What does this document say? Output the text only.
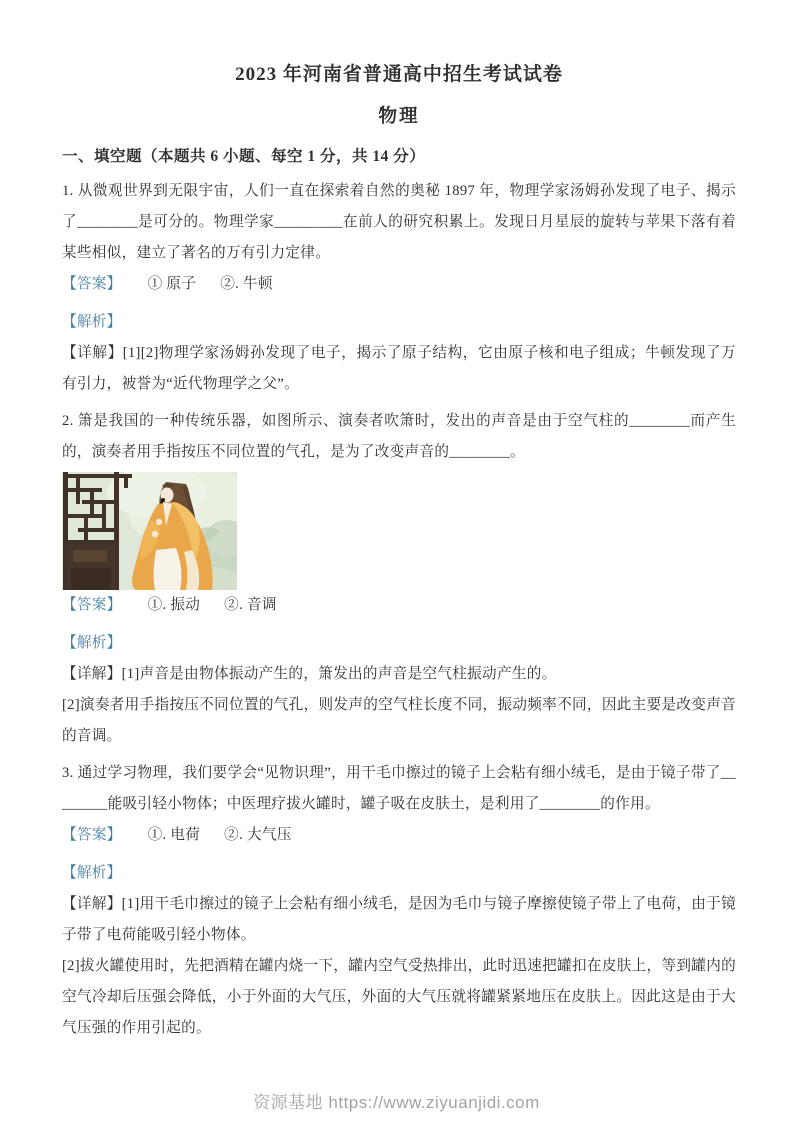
2023 年河南省普通高中招生考试试卷
物理
一、填空题（本题共 6 小题、每空 1 分，共 14 分）

1. 从微观世界到无限宇宙，人们一直在探索着自然的奥秘 1897 年，物理学家汤姆孙发现了电子、揭示了________是可分的。物理学家_________在前人的研究积累上。发现日月星辰的旋转与苹果下落有着某些相似，建立了著名的万有引力定律。

【答案】 ① 原子 ②. 牛顿

【解析】

【详解】[1][2]物理学家汤姆孙发现了电子，揭示了原子结构，它由原子核和电子组成；牛顿发现了万有引力，被誉为“近代物理学之父”。

2. 箫是我国的一种传统乐器，如图所示、演奏者吹箫时，发出的声音是由于空气柱的________而产生的，演奏者用手指按压不同位置的气孔，是为了改变声音的________。

【答案】 ①. 振动 ②. 音调

【解析】

【详解】[1]声音是由物体振动产生的，箫发出的声音是空气柱振动产生的。

[2]演奏者用手指按压不同位置的气孔，则发声的空气柱长度不同，振动频率不同，因此主要是改变声音的音调。

3. 通过学习物理，我们要学会“见物识理”，用干毛巾擦过的镜子上会粘有细小绒毛，是由于镜子带了________能吸引轻小物体；中医理疗拔火罐时，罐子吸在皮肤土，是利用了________的作用。

【答案】 ①. 电荷 ②. 大气压

【解析】

【详解】[1]用干毛巾擦过的镜子上会粘有细小绒毛，是因为毛巾与镜子摩擦使镜子带上了电荷，由于镜子带了电荷能吸引轻小物体。

[2]拔火罐使用时，先把酒精在罐内烧一下，罐内空气受热排出，此时迅速把罐扣在皮肤上，等到罐内的空气冷却后压强会降低，小于外面的大气压，外面的大气压就将罐紧紧地压在皮肤上。因此这是由于大气压强的作用引起的。

资源基地 https://www.ziyuanjidi.com
